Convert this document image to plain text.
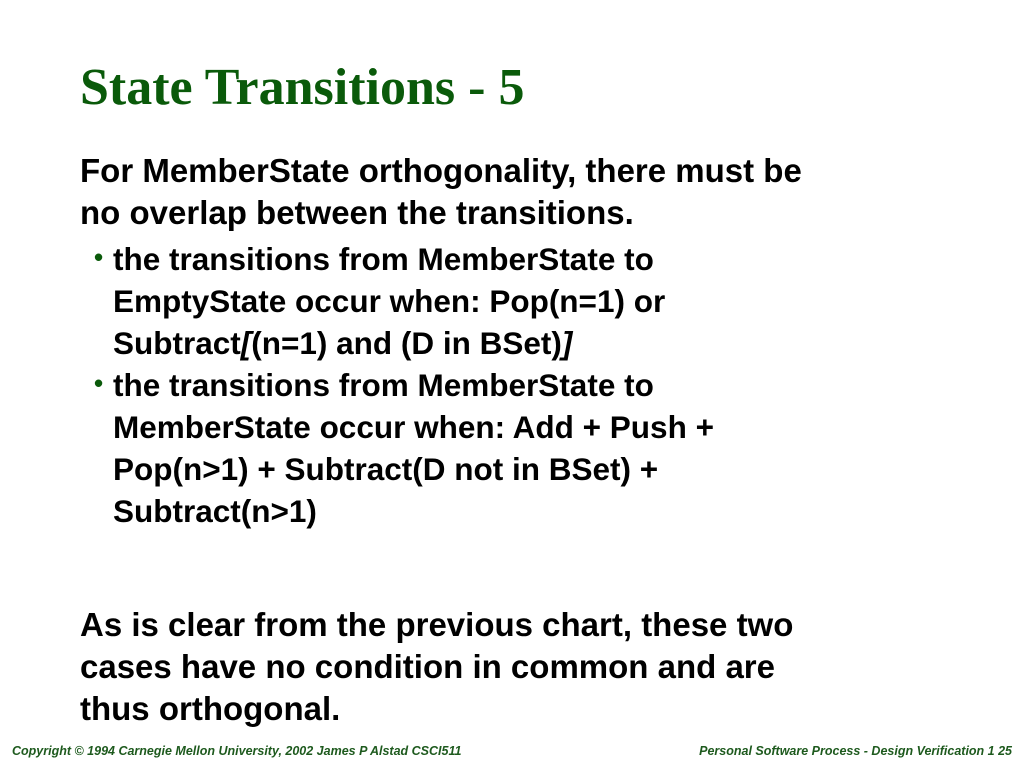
State Transitions - 5

For MemberState orthogonality, there must be

no overlap between the transitions.

• the transitions from MemberState to
EmptyState occur when: Pop(n=1) or
Subtract[(n=1) and (D in BSet)]
• the transitions from MemberState to
MemberState occur when: Add + Push +
Pop(n>1) + Subtract(D not in BSet) +
Subtract(n>1)

As is clear from the previous chart, these two

cases have no condition in common and are

thus orthogonal.

Copyright © 1994 Carnegie Mellon University, 2002 James P Alstad CSCI511	Personal Software Process - Design Verification 1 25
